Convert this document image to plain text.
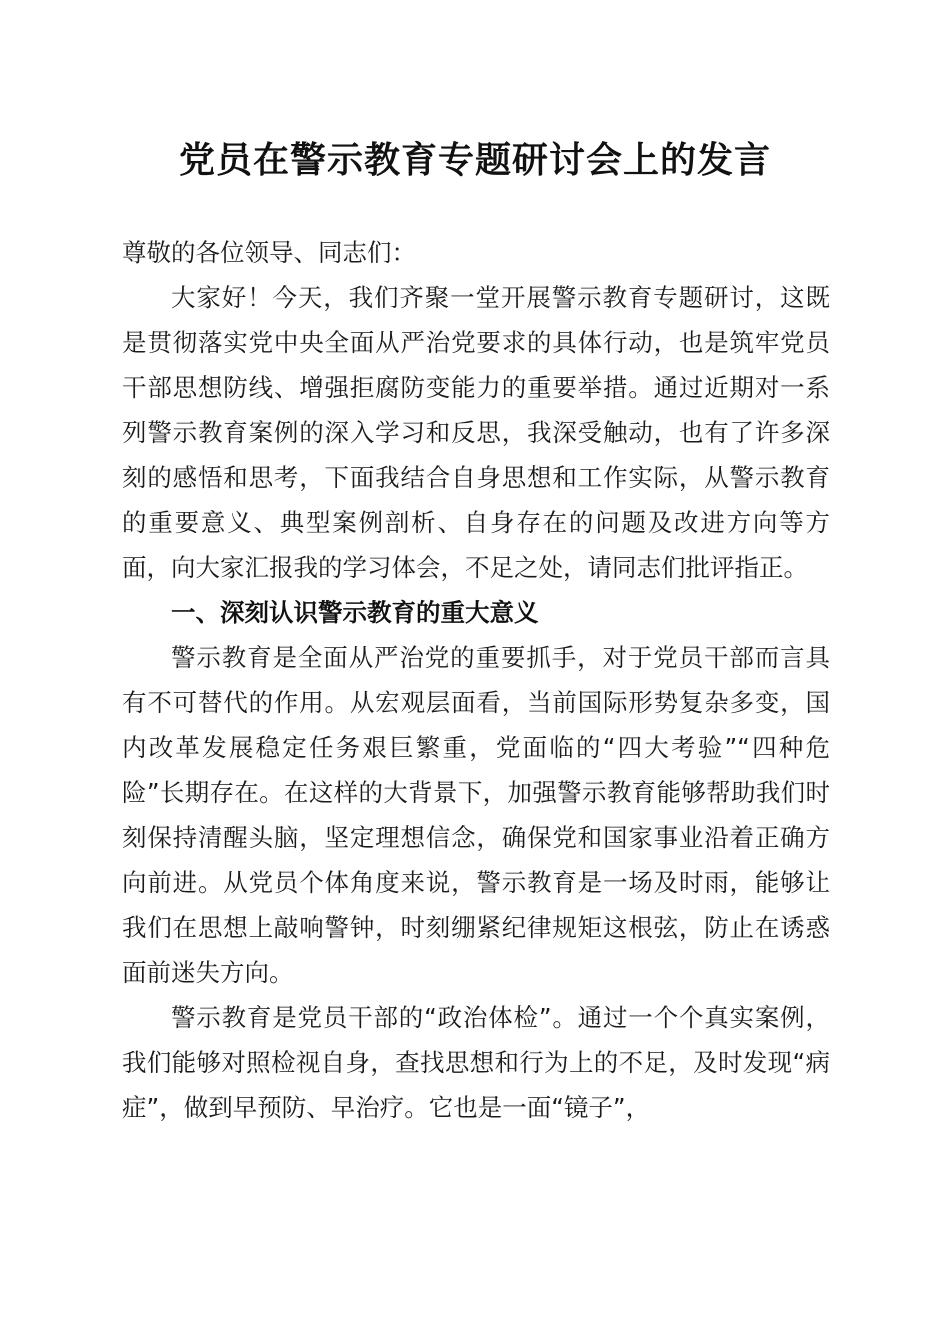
党员在警示教育专题研讨会上的发言

尊敬的各位领导、同志们：

大家好！今天，我们齐聚一堂开展警示教育专题研讨，这既是贯彻落实党中央全面从严治党要求的具体行动，也是筑牢党员干部思想防线、增强拒腐防变能力的重要举措。通过近期对一系列警示教育案例的深入学习和反思，我深受触动，也有了许多深刻的感悟和思考，下面我结合自身思想和工作实际，从警示教育的重要意义、典型案例剖析、自身存在的问题及改进方向等方面，向大家汇报我的学习体会，不足之处，请同志们批评指正。

一、深刻认识警示教育的重大意义

警示教育是全面从严治党的重要抓手，对于党员干部而言具有不可替代的作用。从宏观层面看，当前国际形势复杂多变，国内改革发展稳定任务艰巨繁重，党面临的“四大考验”“四种危险”长期存在。在这样的大背景下，加强警示教育能够帮助我们时刻保持清醒头脑，坚定理想信念，确保党和国家事业沿着正确方向前进。从党员个体角度来说，警示教育是一场及时雨，能够让我们在思想上敲响警钟，时刻绷紧纪律规矩这根弦，防止在诱惑面前迷失方向。

警示教育是党员干部的“政治体检”。通过一个个真实案例，我们能够对照检视自身，查找思想和行为上的不足，及时发现“病症”，做到早预防、早治疗。它也是一面“镜子”，
